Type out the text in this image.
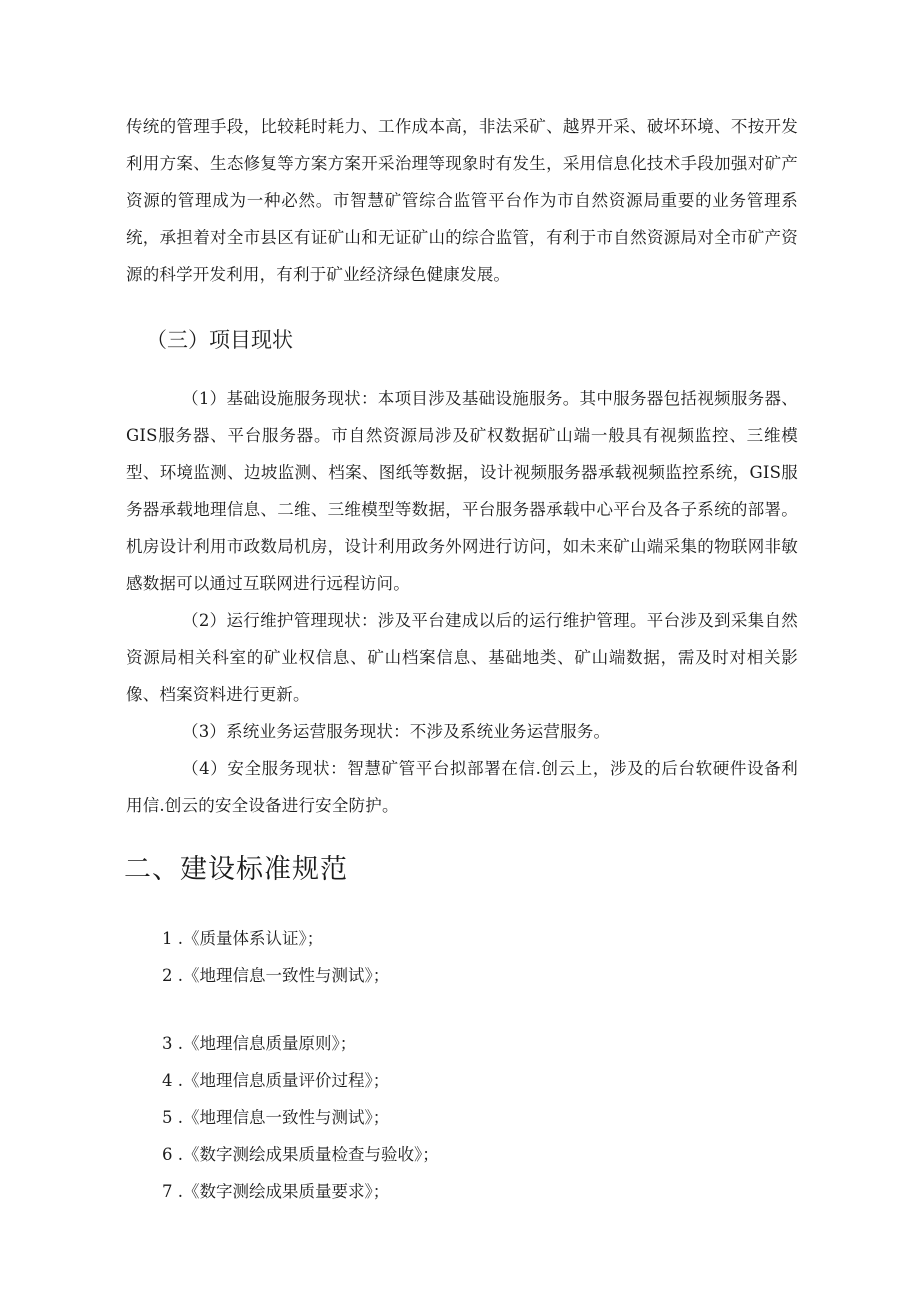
传统的管理手段，比较耗时耗力、工作成本高，非法采矿、越界开采、破坏环境、不按开发利用方案、生态修复等方案方案开采治理等现象时有发生，采用信息化技术手段加强对矿产资源的管理成为一种必然。市智慧矿管综合监管平台作为市自然资源局重要的业务管理系统，承担着对全市县区有证矿山和无证矿山的综合监管，有利于市自然资源局对全市矿产资源的科学开发利用，有利于矿业经济绿色健康发展。

（三）项目现状

（1）基础设施服务现状：本项目涉及基础设施服务。其中服务器包括视频服务器、GIS服务器、平台服务器。市自然资源局涉及矿权数据矿山端一般具有视频监控、三维模型、环境监测、边坡监测、档案、图纸等数据，设计视频服务器承载视频监控系统，GIS服务器承载地理信息、二维、三维模型等数据，平台服务器承载中心平台及各子系统的部署。机房设计利用市政数局机房，设计利用政务外网进行访问，如未来矿山端采集的物联网非敏感数据可以通过互联网进行远程访问。

（2）运行维护管理现状：涉及平台建成以后的运行维护管理。平台涉及到采集自然资源局相关科室的矿业权信息、矿山档案信息、基础地类、矿山端数据，需及时对相关影像、档案资料进行更新。

（3）系统业务运营服务现状：不涉及系统业务运营服务。

（4）安全服务现状：智慧矿管平台拟部署在信.创云上，涉及的后台软硬件设备利用信.创云的安全设备进行安全防护。

二、建设标准规范

1 .《质量体系认证》；

2 .《地理信息一致性与测试》；

3 .《地理信息质量原则》；

4 .《地理信息质量评价过程》；

5 .《地理信息一致性与测试》；

6 .《数字测绘成果质量检查与验收》；

7 .《数字测绘成果质量要求》；
